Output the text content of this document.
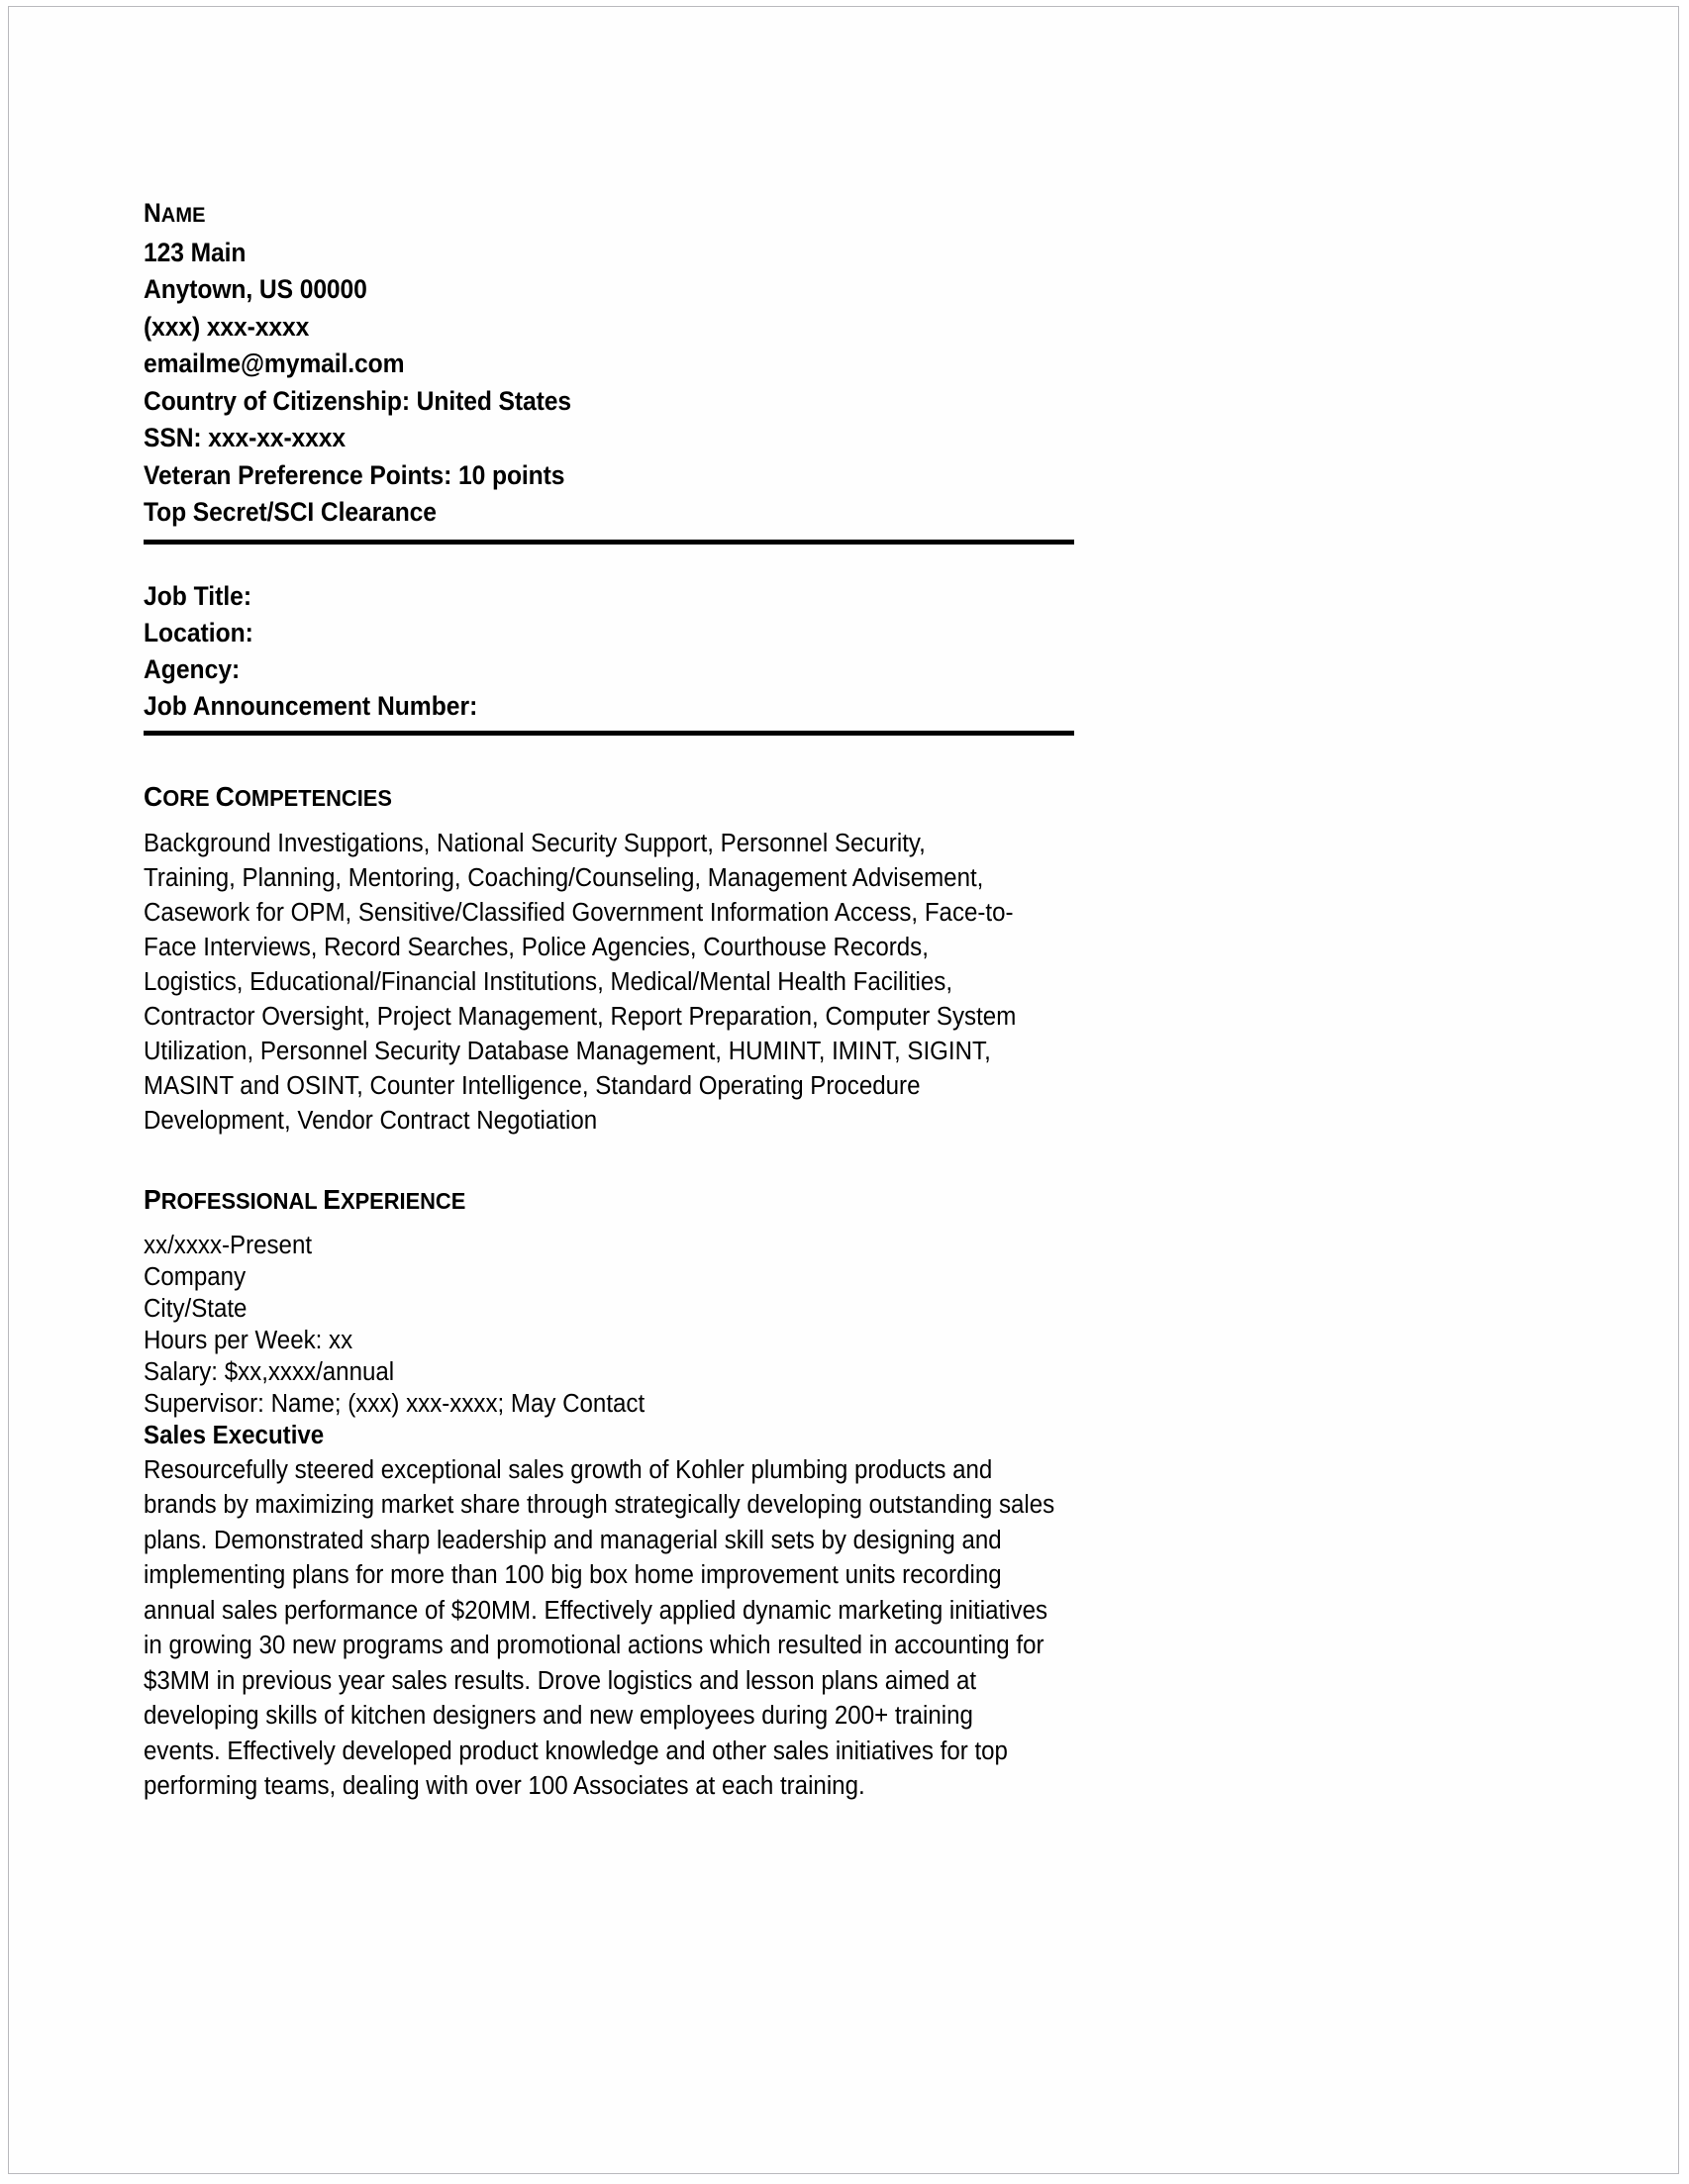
NAME
123 Main
Anytown, US 00000
(xxx) xxx-xxxx
emailme@mymail.com
Country of Citizenship: United States
SSN: xxx-xx-xxxx
Veteran Preference Points: 10 points
Top Secret/SCI Clearance
Job Title:
Location:
Agency:
Job Announcement Number:
CORE COMPETENCIES
Background Investigations, National Security Support, Personnel Security, Training, Planning, Mentoring, Coaching/Counseling, Management Advisement, Casework for OPM, Sensitive/Classified Government Information Access, Face-to-Face Interviews, Record Searches, Police Agencies, Courthouse Records, Logistics, Educational/Financial Institutions, Medical/Mental Health Facilities, Contractor Oversight, Project Management, Report Preparation, Computer System Utilization, Personnel Security Database Management, HUMINT, IMINT, SIGINT, MASINT and OSINT, Counter Intelligence, Standard Operating Procedure Development, Vendor Contract Negotiation
PROFESSIONAL EXPERIENCE
xx/xxxx-Present
Company
City/State
Hours per Week: xx
Salary: $xx,xxxx/annual
Supervisor: Name; (xxx) xxx-xxxx; May Contact
Sales Executive
Resourcefully steered exceptional sales growth of Kohler plumbing products and brands by maximizing market share through strategically developing outstanding sales plans. Demonstrated sharp leadership and managerial skill sets by designing and implementing plans for more than 100 big box home improvement units recording annual sales performance of $20MM. Effectively applied dynamic marketing initiatives in growing 30 new programs and promotional actions which resulted in accounting for $3MM in previous year sales results. Drove logistics and lesson plans aimed at developing skills of kitchen designers and new employees during 200+ training events. Effectively developed product knowledge and other sales initiatives for top performing teams, dealing with over 100 Associates at each training.
